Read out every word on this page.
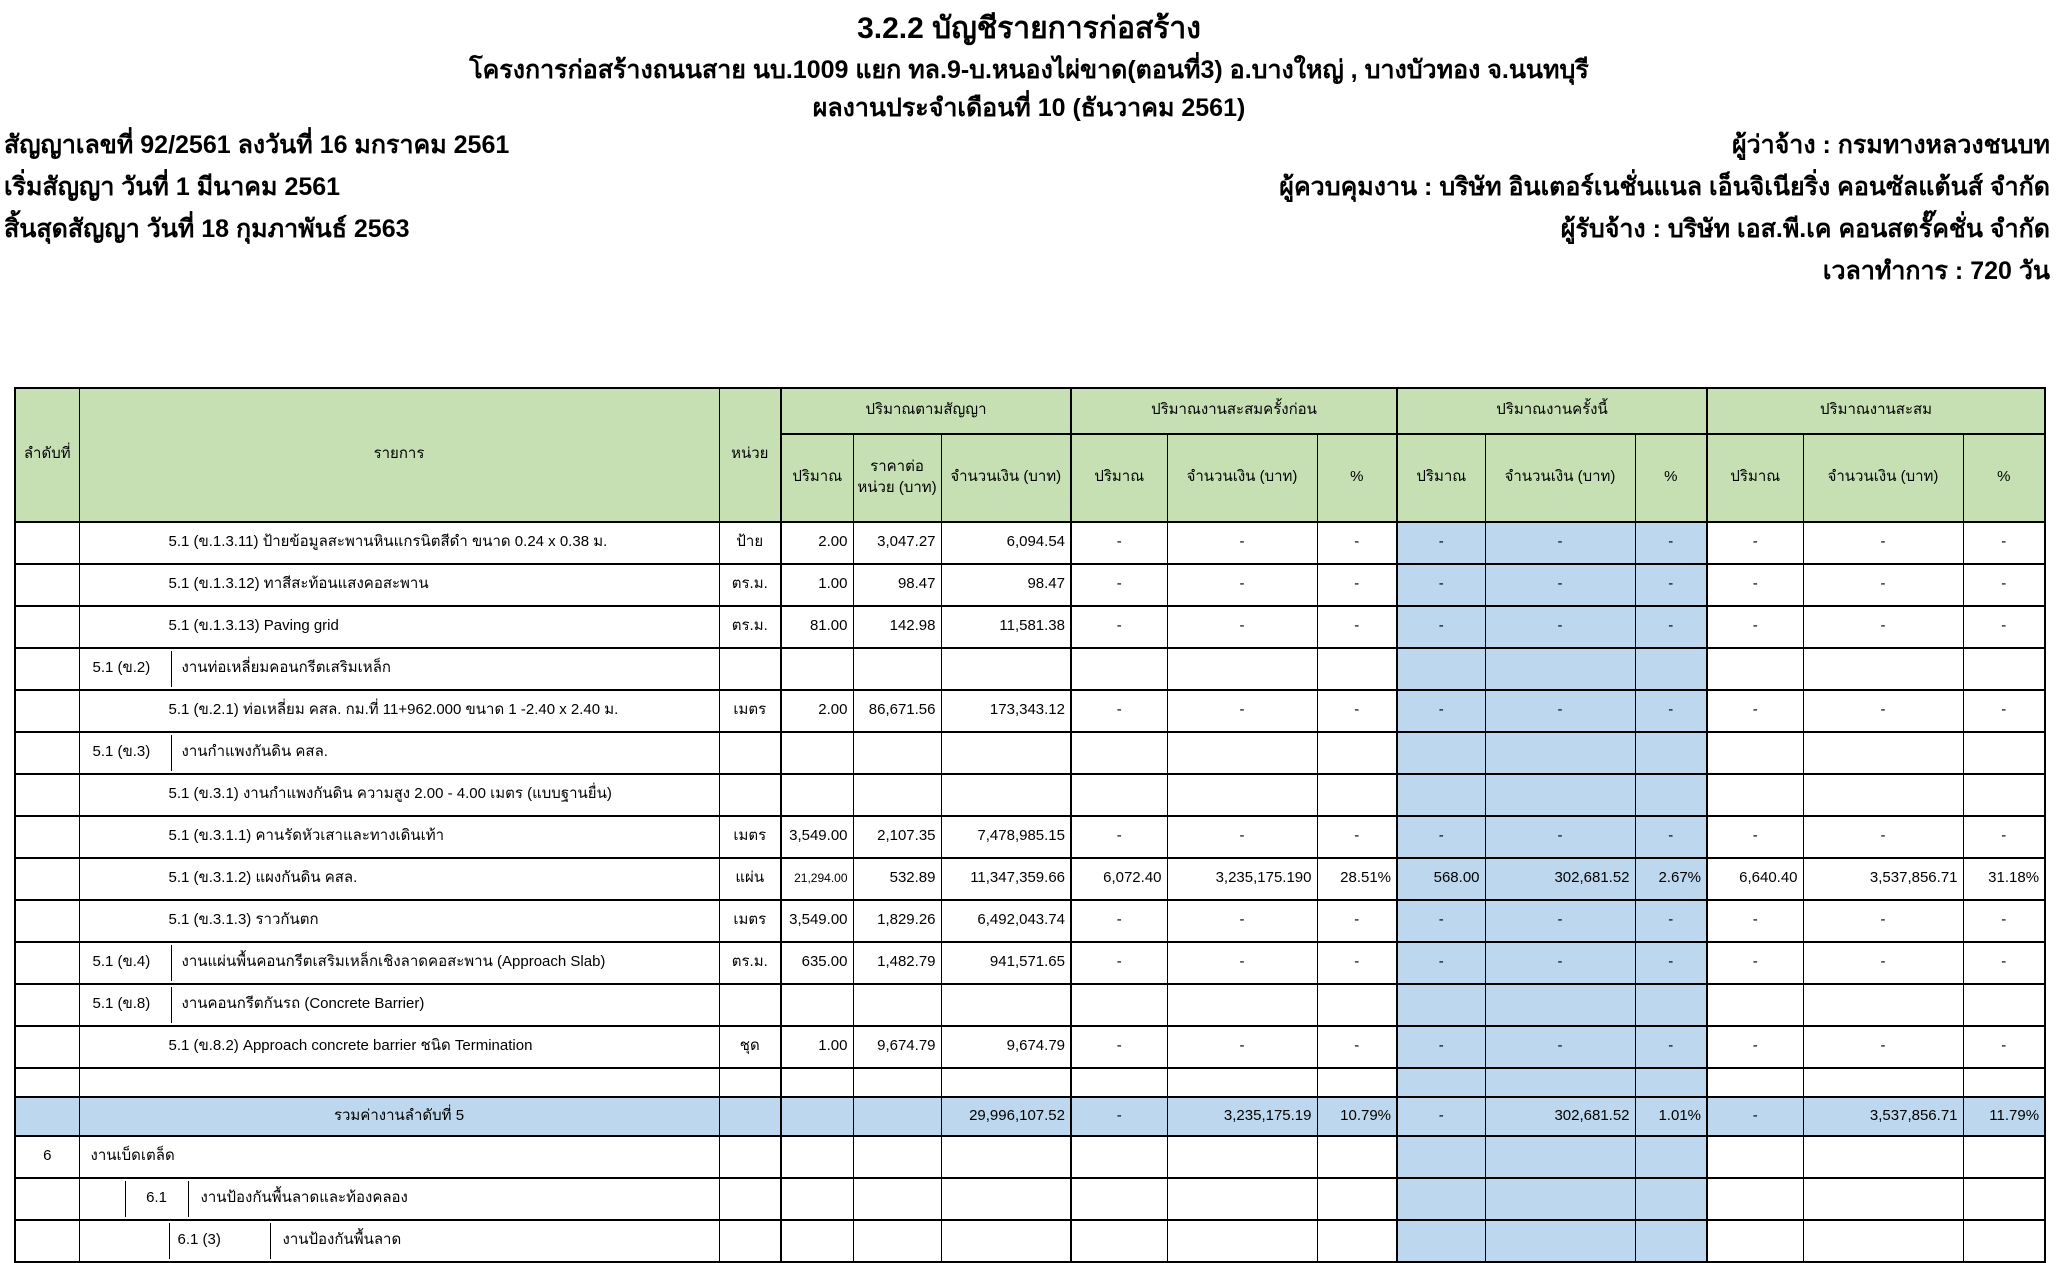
3.2.2 บัญชีรายการก่อสร้าง
โครงการก่อสร้างถนนสาย นบ.1009 แยก ทล.9-บ.หนองไผ่ขาด(ตอนที่3) อ.บางใหญ่ , บางบัวทอง จ.นนทบุรี
ผลงานประจำเดือนที่ 10 (ธันวาคม 2561)
สัญญาเลขที่ 92/2561 ลงวันที่ 16 มกราคม 2561	ผู้ว่าจ้าง : กรมทางหลวงชนบท
เริ่มสัญญา วันที่ 1 มีนาคม 2561	ผู้ควบคุมงาน : บริษัท อินเตอร์เนชั่นแนล เอ็นจิเนียริ่ง คอนซัลแต้นส์ จำกัด
สิ้นสุดสัญญา วันที่ 18 กุมภาพันธ์ 2563	ผู้รับจ้าง : บริษัท เอส.พี.เค คอนสตรั๊คชั่น จำกัด
เวลาทำการ : 720 วัน
ลำดับที่	รายการ	หน่วย	ปริมาณตามสัญญา			ปริมาณงานสะสมครั้งก่อน			ปริมาณงานครั้งนี้			ปริมาณงานสะสม		
			ปริมาณ	ราคาต่อหน่วย (บาท)	จำนวนเงิน (บาท)	ปริมาณ	จำนวนเงิน (บาท)	%	ปริมาณ	จำนวนเงิน (บาท)	%	ปริมาณ	จำนวนเงิน (บาท)	%

5.1 (ข.1.3.11) ป้ายข้อมูลสะพานหินแกรนิตสีดำ ขนาด 0.24 x 0.38 ม.	ป้าย	2.00	3,047.27	6,094.54	-	-	-	-	-	-	-	-	-

5.1 (ข.1.3.12) ทาสีสะท้อนแสงคอสะพาน	ตร.ม.	1.00	98.47	98.47	-	-	-	-	-	-	-	-	-

5.1 (ข.1.3.13) Paving grid	ตร.ม.	81.00	142.98	11,581.38	-	-	-	-	-	-	-	-	-

5.1 (ข.2) งานท่อเหลี่ยมคอนกรีตเสริมเหล็ก													

5.1 (ข.2.1) ท่อเหลี่ยม คสล. กม.ที่ 11+962.000 ขนาด 1 -2.40 x 2.40 ม.	เมตร	2.00	86,671.56	173,343.12	-	-	-	-	-	-	-	-	-

5.1 (ข.3) งานกำแพงกันดิน คสล.													

5.1 (ข.3.1) งานกำแพงกันดิน ความสูง 2.00 - 4.00 เมตร (แบบฐานยื่น)													

5.1 (ข.3.1.1) คานรัดหัวเสาและทางเดินเท้า	เมตร	3,549.00	2,107.35	7,478,985.15	-	-	-	-	-	-	-	-	-

5.1 (ข.3.1.2) แผงกันดิน คสล.	แผ่น	21,294.00	532.89	11,347,359.66	6,072.40	3,235,175.190	28.51%	568.00	302,681.52	2.67%	6,640.40	3,537,856.71	31.18%

5.1 (ข.3.1.3) ราวกันตก	เมตร	3,549.00	1,829.26	6,492,043.74	-	-	-	-	-	-	-	-	-

5.1 (ข.4) งานแผ่นพื้นคอนกรีตเสริมเหล็กเชิงลาดคอสะพาน (Approach Slab)	ตร.ม.	635.00	1,482.79	941,571.65	-	-	-	-	-	-	-	-	-

5.1 (ข.8) งานคอนกรีตกันรถ (Concrete Barrier)													

5.1 (ข.8.2) Approach concrete barrier ชนิด Termination	ชุด	1.00	9,674.79	9,674.79	-	-	-	-	-	-	-	-	-

	รวมค่างานลำดับที่ 5				29,996,107.52	-	3,235,175.19	10.79%	-	302,681.52	1.01%	-	3,537,856.71	11.79%
6	งานเบ็ดเตล็ด													

6.1 งานป้องกันพื้นลาดและท้องคลอง													

6.1 (3) งานป้องกันพื้นลาด													
